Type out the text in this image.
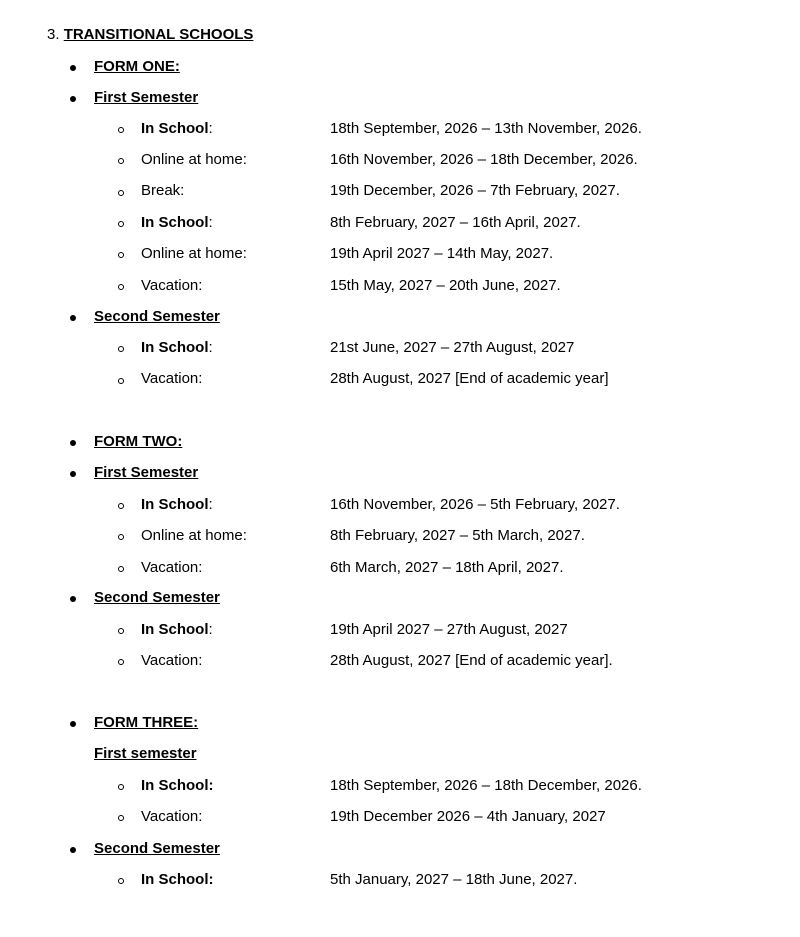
3. TRANSITIONAL SCHOOLS
FORM ONE:
First Semester
In School:	18th September, 2026 – 13th November, 2026.
Online at home:	16th November, 2026 – 18th December, 2026.
Break:	19th December, 2026 – 7th February, 2027.
In School:	8th February, 2027 – 16th April, 2027.
Online at home:	19th April 2027 – 14th May, 2027.
Vacation:	15th May, 2027 – 20th June, 2027.
Second Semester
In School:	21st June, 2027 – 27th August, 2027
Vacation:	28th August, 2027 [End of academic year]
FORM TWO:
First Semester
In School:	16th November, 2026 – 5th February, 2027.
Online at home:	8th February, 2027 – 5th March, 2027.
Vacation:	6th March, 2027 – 18th April, 2027.
Second Semester
In School:	19th April 2027 – 27th August, 2027
Vacation:	28th August, 2027 [End of academic year].
FORM THREE:
First semester
In School:	18th September, 2026 – 18th December, 2026.
Vacation:	19th December 2026 – 4th January, 2027
Second Semester
In School:	5th January, 2027 – 18th June, 2027.
